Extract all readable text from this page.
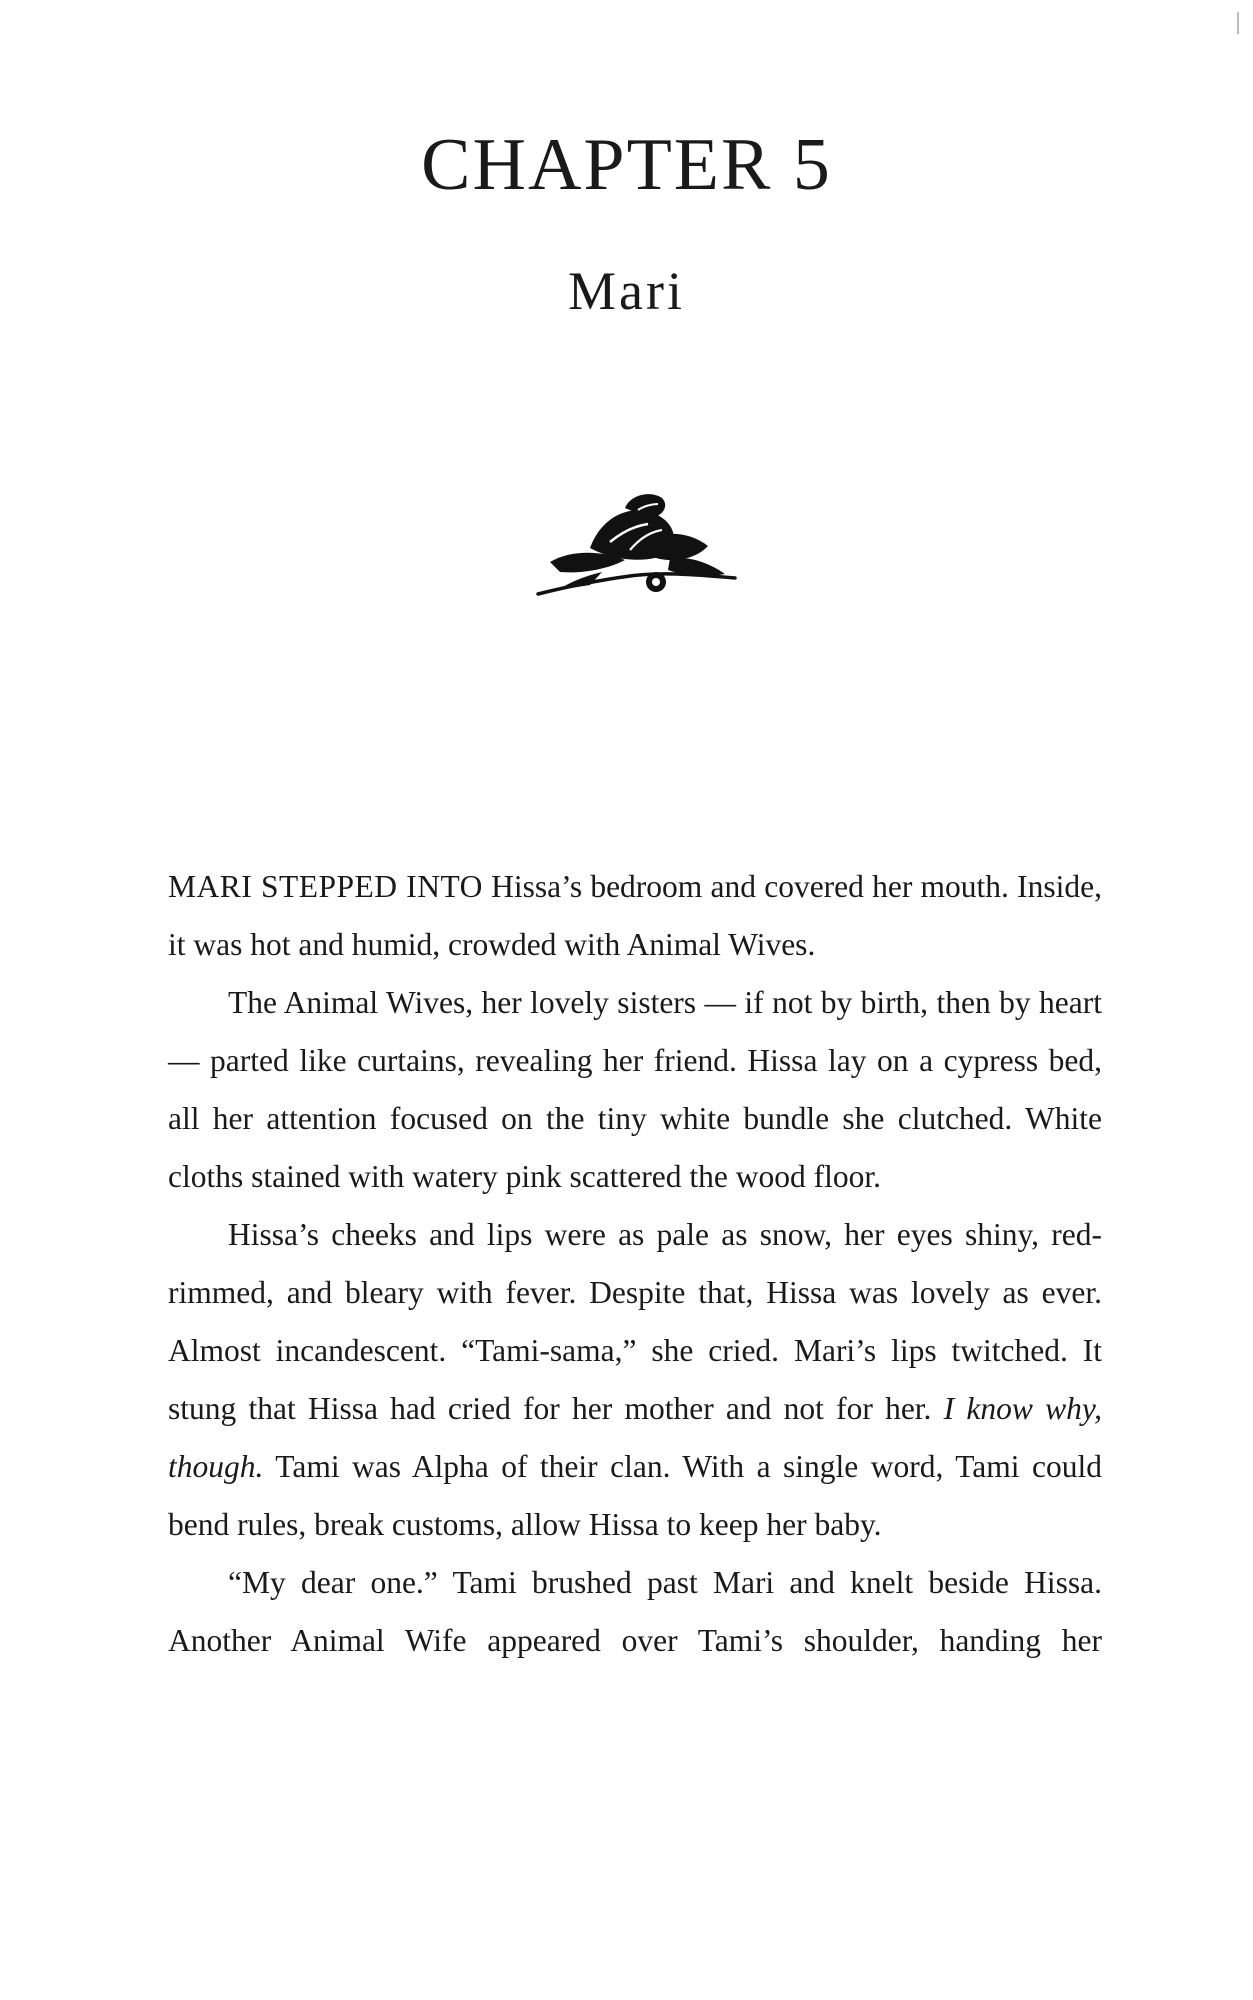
CHAPTER 5
Mari

MARI STEPPED INTO Hissa’s bedroom and covered her mouth. Inside, it was hot and humid, crowded with Animal Wives.

The Animal Wives, her lovely sisters — if not by birth, then by heart — parted like curtains, revealing her friend. Hissa lay on a cypress bed, all her attention focused on the tiny white bundle she clutched. White cloths stained with watery pink scattered the wood floor.

Hissa’s cheeks and lips were as pale as snow, her eyes shiny, red-rimmed, and bleary with fever. Despite that, Hissa was lovely as ever. Almost incandescent. “Tami-sama,” she cried. Mari’s lips twitched. It stung that Hissa had cried for her mother and not for her. I know why, though. Tami was Alpha of their clan. With a single word, Tami could bend rules, break customs, allow Hissa to keep her baby.

“My dear one.” Tami brushed past Mari and knelt beside Hissa. Another Animal Wife appeared over Tami’s shoulder, handing her
